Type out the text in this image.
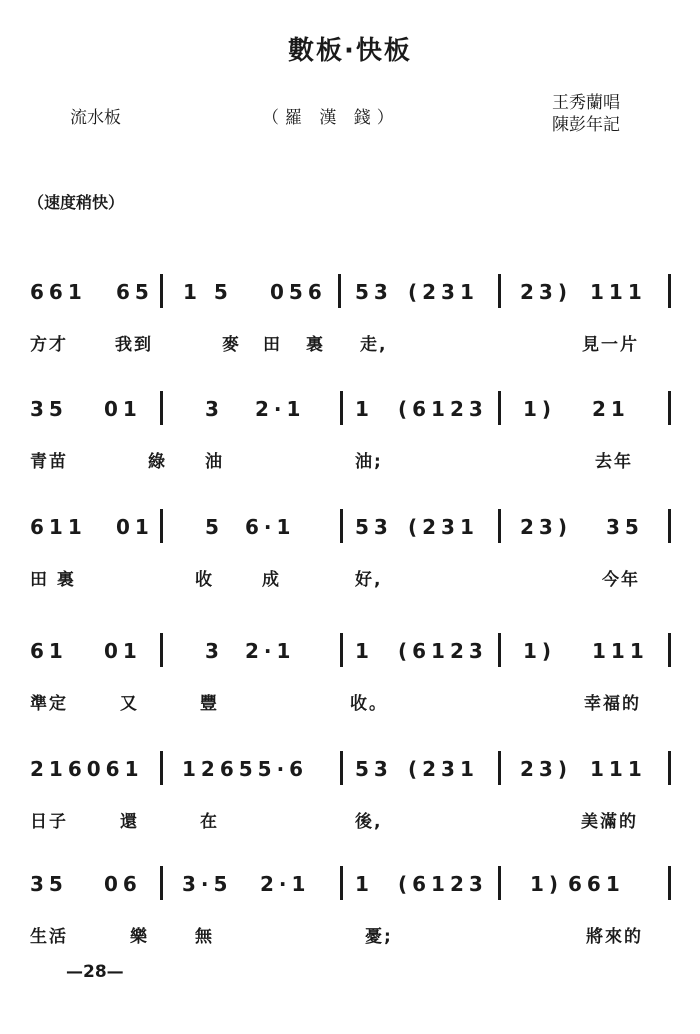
數板·快板
流水板	（羅 漢 錢）
王秀蘭唱
陳彭年記
（速度稍快）
661 65 1 5 056 53 (231 23) 111
方才	我到	麥 田 裏 走,	見一片
35 01	3 2·1 1 (6123 1) 21
青苗	綠 油	油;	去年
611 01	5 6·1	53 (231 23) 35
田 裏	收	成	好,	今年
61 01	3 2·1	1 (6123 1) 111
準定	又	豐	收。	幸福的
216061 12655·6 53 (231 23) 111
日子	還	在	後,	美滿的
35 06 3·5 2·1 1 (6123 1) 661
生活	樂	無	憂;	將來的
—28—
